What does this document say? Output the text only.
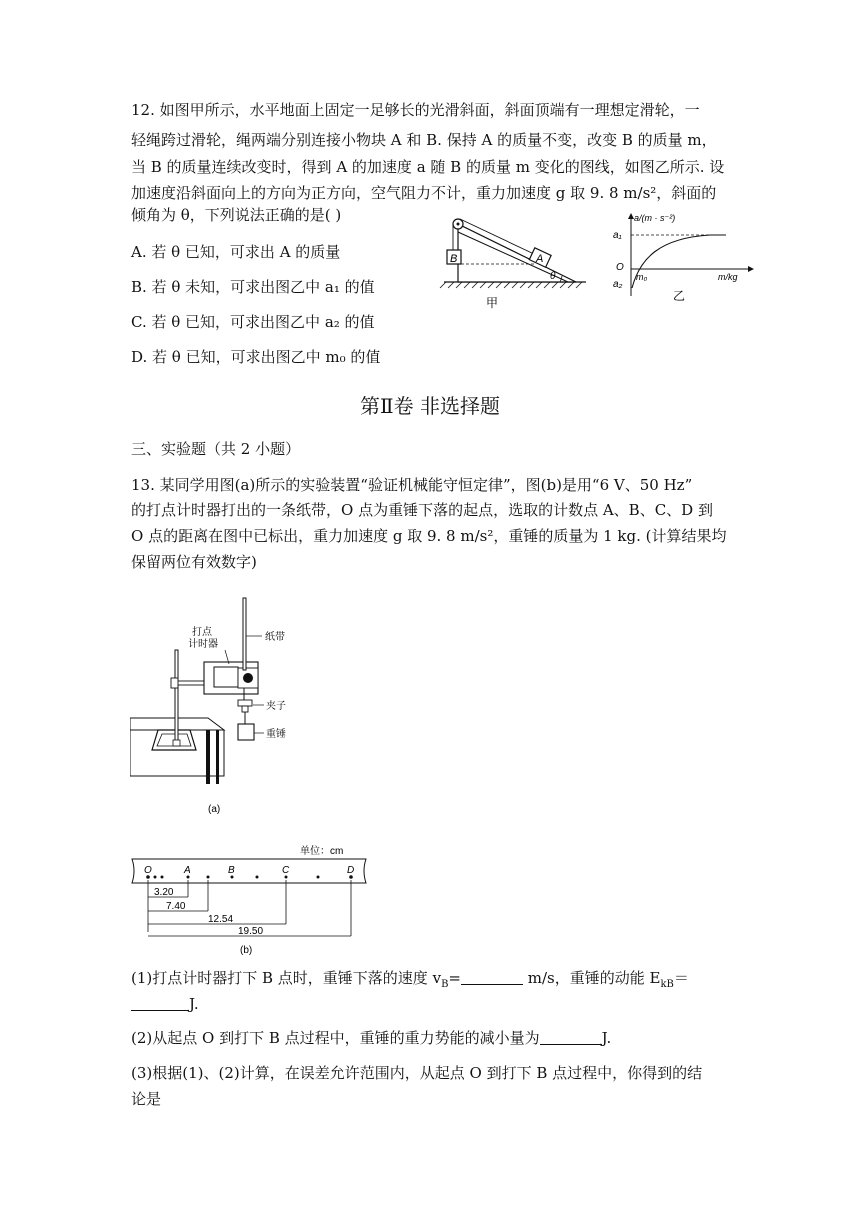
12. 如图甲所示，水平地面上固定一足够长的光滑斜面，斜面顶端有一理想定滑轮，一
轻绳跨过滑轮，绳两端分别连接小物块 A 和 B. 保持 A 的质量不变，改变 B 的质量 m，
当 B 的质量连续改变时，得到 A 的加速度 a 随 B 的质量 m 变化的图线，如图乙所示. 设
加速度沿斜面向上的方向为正方向，空气阻力不计，重力加速度 g 取 9. 8 m/s²，斜面的
倾角为 θ，下列说法正确的是( )
A. 若 θ 已知，可求出 A 的质量
B. 若 θ 未知，可求出图乙中 a₁ 的值
C. 若 θ 已知，可求出图乙中 a₂ 的值
D. 若 θ 已知，可求出图乙中 m₀ 的值
B	A
θ
甲
a/(m · s⁻²)
a₁
O
m₀
a₂
m/kg
乙
第Ⅱ卷 非选择题
三、实验题（共 2 小题）
13. 某同学用图(a)所示的实验装置“验证机械能守恒定律”，图(b)是用“6 V、50 Hz”
的打点计时器打出的一条纸带，O 点为重锤下落的起点，选取的计数点 A、B、C、D 到
O 点的距离在图中已标出，重力加速度 g 取 9. 8 m/s²，重锤的质量为 1 kg. (计算结果均
保留两位有效数字)
打点
计时器
纸带
夹子
重锤
(a)
单位：cm
O	A	B	C	D
3.20
7.40
12.54
19.50
(b)
(1)打点计时器打下 B 点时，重锤下落的速度 $v_B=$	m/s，重锤的动能 $E_{kB}=$
J.
(2)从起点 O 到打下 B 点过程中，重锤的重力势能的减小量为	J.
(3)根据(1)、(2)计算，在误差允许范围内，从起点 O 到打下 B 点过程中，你得到的结
论是
